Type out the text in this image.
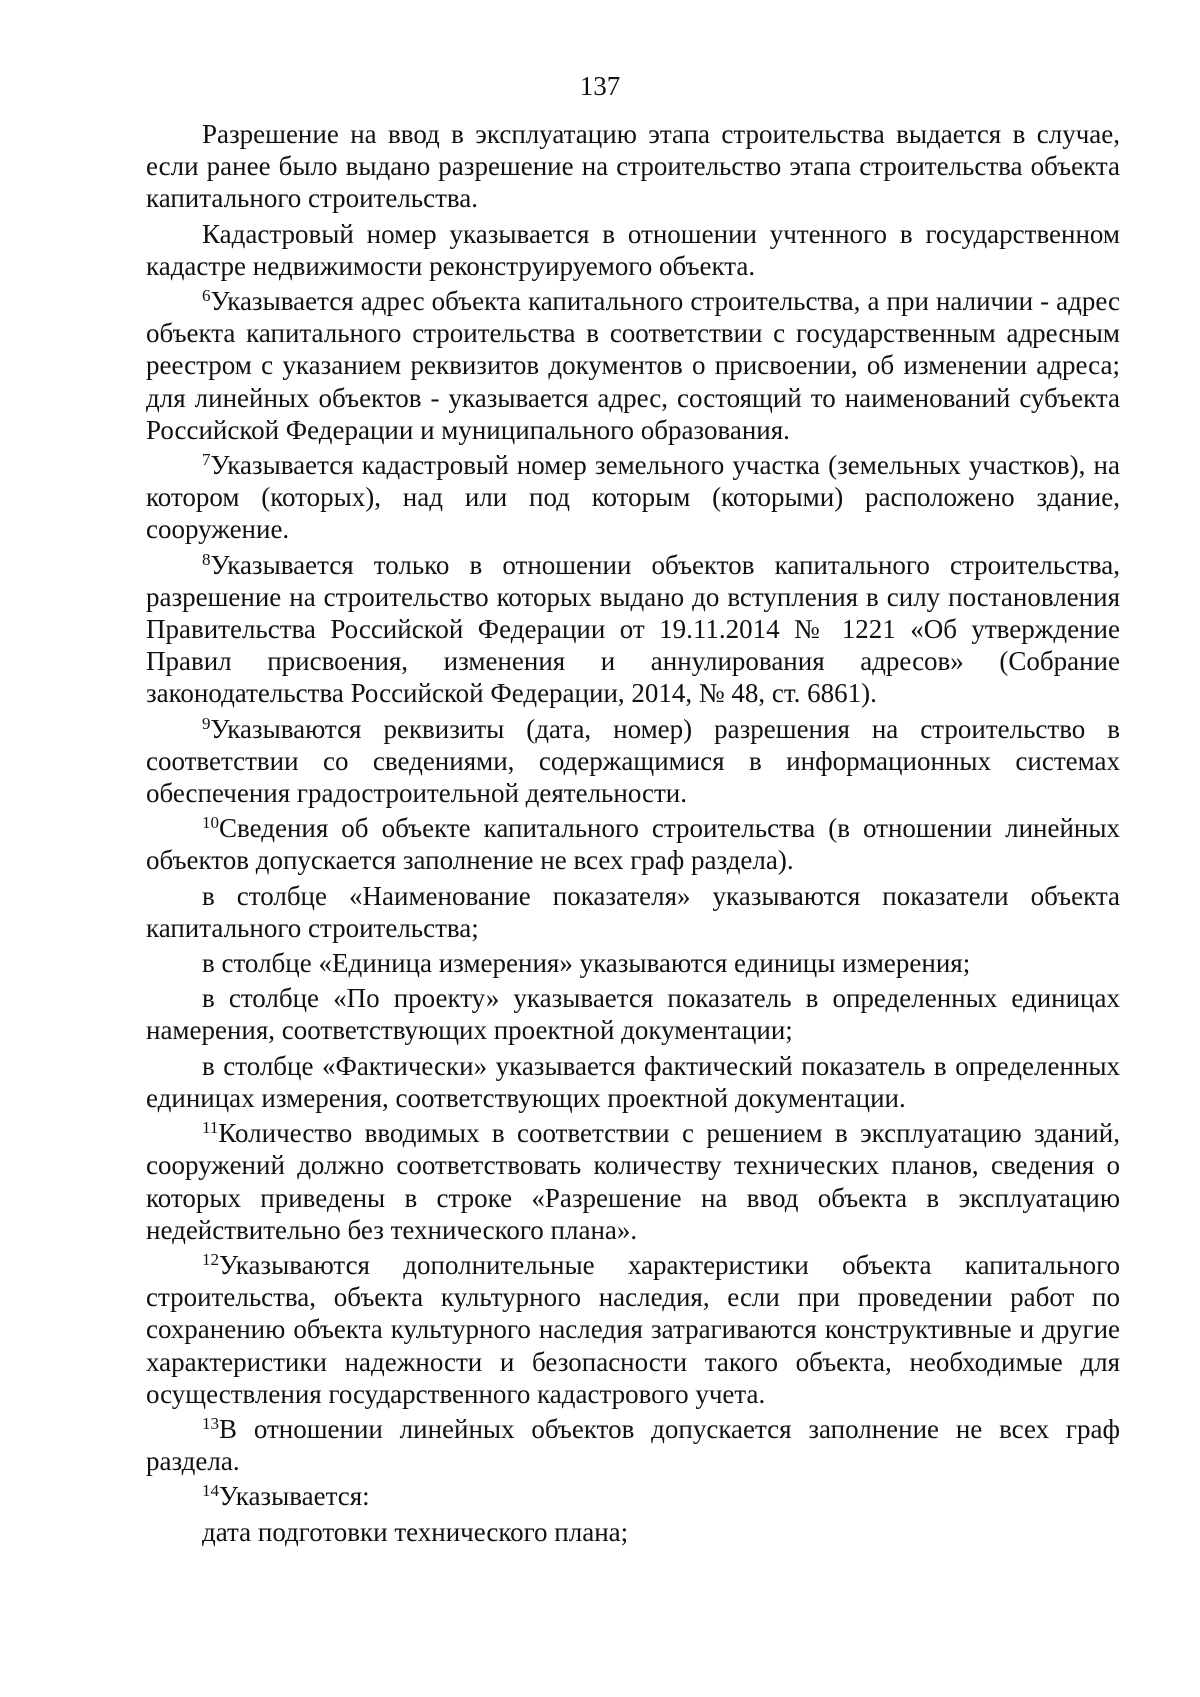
137

Разрешение на ввод в эксплуатацию этапа строительства выдается в случае, если ранее было выдано разрешение на строительство этапа строительства объекта капитального строительства.

Кадастровый номер указывается в отношении учтенного в государственном кадастре недвижимости реконструируемого объекта.

$^6$Указывается адрес объекта капитального строительства, а при наличии - адрес объекта капитального строительства в соответствии с государственным адресным реестром с указанием реквизитов документов о присвоении, об изменении адреса; для линейных объектов - указывается адрес, состоящий то наименований субъекта Российской Федерации и муниципального образования.

$^7$Указывается кадастровый номер земельного участка (земельных участков), на котором (которых), над или под которым (которыми) расположено здание, сооружение.

$^8$Указывается только в отношении объектов капитального строительства, разрешение на строительство которых выдано до вступления в силу постановления Правительства Российской Федерации от 19.11.2014 № 1221 «Об утверждение Правил присвоения, изменения и аннулирования адресов» (Собрание законодательства Российской Федерации, 2014, № 48, ст. 6861).

$^9$Указываются реквизиты (дата, номер) разрешения на строительство в соответствии со сведениями, содержащимися в информационных системах обеспечения градостроительной деятельности.

$^{10}$Сведения об объекте капитального строительства (в отношении линейных объектов допускается заполнение не всех граф раздела).

в столбце «Наименование показателя» указываются показатели объекта капитального строительства;

в столбце «Единица измерения» указываются единицы измерения;

в столбце «По проекту» указывается показатель в определенных единицах намерения, соответствующих проектной документации;

в столбце «Фактически» указывается фактический показатель в определенных единицах измерения, соответствующих проектной документации.

$^{11}$Количество вводимых в соответствии с решением в эксплуатацию зданий, сооружений должно соответствовать количеству технических планов, сведения о которых приведены в строке «Разрешение на ввод объекта в эксплуатацию недействительно без технического плана».

$^{12}$Указываются дополнительные характеристики объекта капитального строительства, объекта культурного наследия, если при проведении работ по сохранению объекта культурного наследия затрагиваются конструктивные и другие характеристики надежности и безопасности такого объекта, необходимые для осуществления государственного кадастрового учета.

$^{13}$В отношении линейных объектов допускается заполнение не всех граф раздела.

$^{14}$Указывается:

дата подготовки технического плана;
